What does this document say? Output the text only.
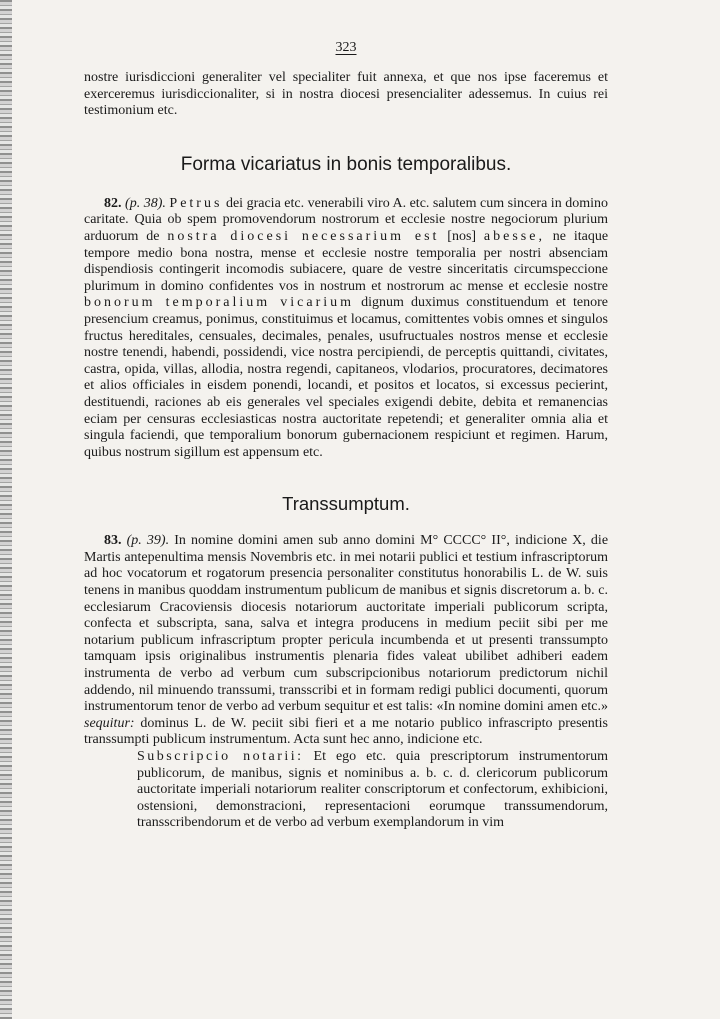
323

nostre iurisdiccioni generaliter vel specialiter fuit annexa, et que nos ipse faceremus et exerceremus iurisdiccionaliter, si in nostra diocesi presencialiter adessemus. In cuius rei testimonium etc.

Forma vicariatus in bonis temporalibus.

82. (p. 38). Petrus dei gracia etc. venerabili viro A. etc. salutem cum sincera in domino caritate. Quia ob spem promovendorum nostrorum et ecclesie nostre negociorum plurium arduorum de nostra diocesi necessarium est [nos] abesse, ne itaque tempore medio bona nostra, mense et ecclesie nostre temporalia per nostri absenciam dispendiosis contingerit incomodis subiacere, quare de vestre sinceritatis circumspeccione plurimum in domino confidentes vos in nostrum et nostrorum ac mense et ecclesie nostre bonorum temporalium vicarium dignum duximus constituendum et tenore presencium creamus, ponimus, constituimus et locamus, comittentes vobis omnes et singulos fructus hereditales, censuales, decimales, penales, usufructuales nostros mense et ecclesie nostre tenendi, habendi, possidendi, vice nostra percipiendi, de perceptis quittandi, civitates, castra, opida, villas, allodia, nostra regendi, capitaneos, vlodarios, procuratores, decimatores et alios officiales in eisdem ponendi, locandi, et positos et locatos, si excessus pecierint, destituendi, raciones ab eis generales vel speciales exigendi debite, debita et remanencias eciam per censuras ecclesiasticas nostra auctoritate repetendi; et generaliter omnia alia et singula faciendi, que temporalium bonorum gubernacionem respiciunt et regimen. Harum, quibus nostrum sigillum est appensum etc.

Transsumptum.

83. (p. 39). In nomine domini amen sub anno domini M° CCCC° II°, indicione X, die Martis antepenultima mensis Novembris etc. in mei notarii publici et testium infrascriptorum ad hoc vocatorum et rogatorum presencia personaliter constitutus honorabilis L. de W. suis tenens in manibus quoddam instrumentum publicum de manibus et signis discretorum a. b. c. ecclesiarum Cracoviensis diocesis notariorum auctoritate imperiali publicorum scripta, confecta et subscripta, sana, salva et integra producens in medium peciit sibi per me notarium publicum infrascriptum propter pericula incumbenda et ut presenti transsumpto tamquam ipsis originalibus instrumentis plenaria fides valeat ubilibet adhiberi eadem instrumenta de verbo ad verbum cum subscripcionibus notariorum predictorum nichil addendo, nil minuendo transsumi, transscribi et in formam redigi publici documenti, quorum instrumentorum tenor de verbo ad verbum sequitur et est talis: «In nomine domini amen etc.» sequitur: dominus L. de W. peciit sibi fieri et a me notario publico infrascripto presentis transsumpti publicum instrumentum. Acta sunt hec anno, indicione etc.

Subscripcio notarii: Et ego etc. quia prescriptorum instrumentorum publicorum, de manibus, signis et nominibus a. b. c. d. clericorum publicorum auctoritate imperiali notariorum realiter conscriptorum et confectorum, exhibicioni, ostensioni, demonstracioni, representacioni eorumque transsumendorum, transscribendorum et de verbo ad verbum exemplandorum in vim
